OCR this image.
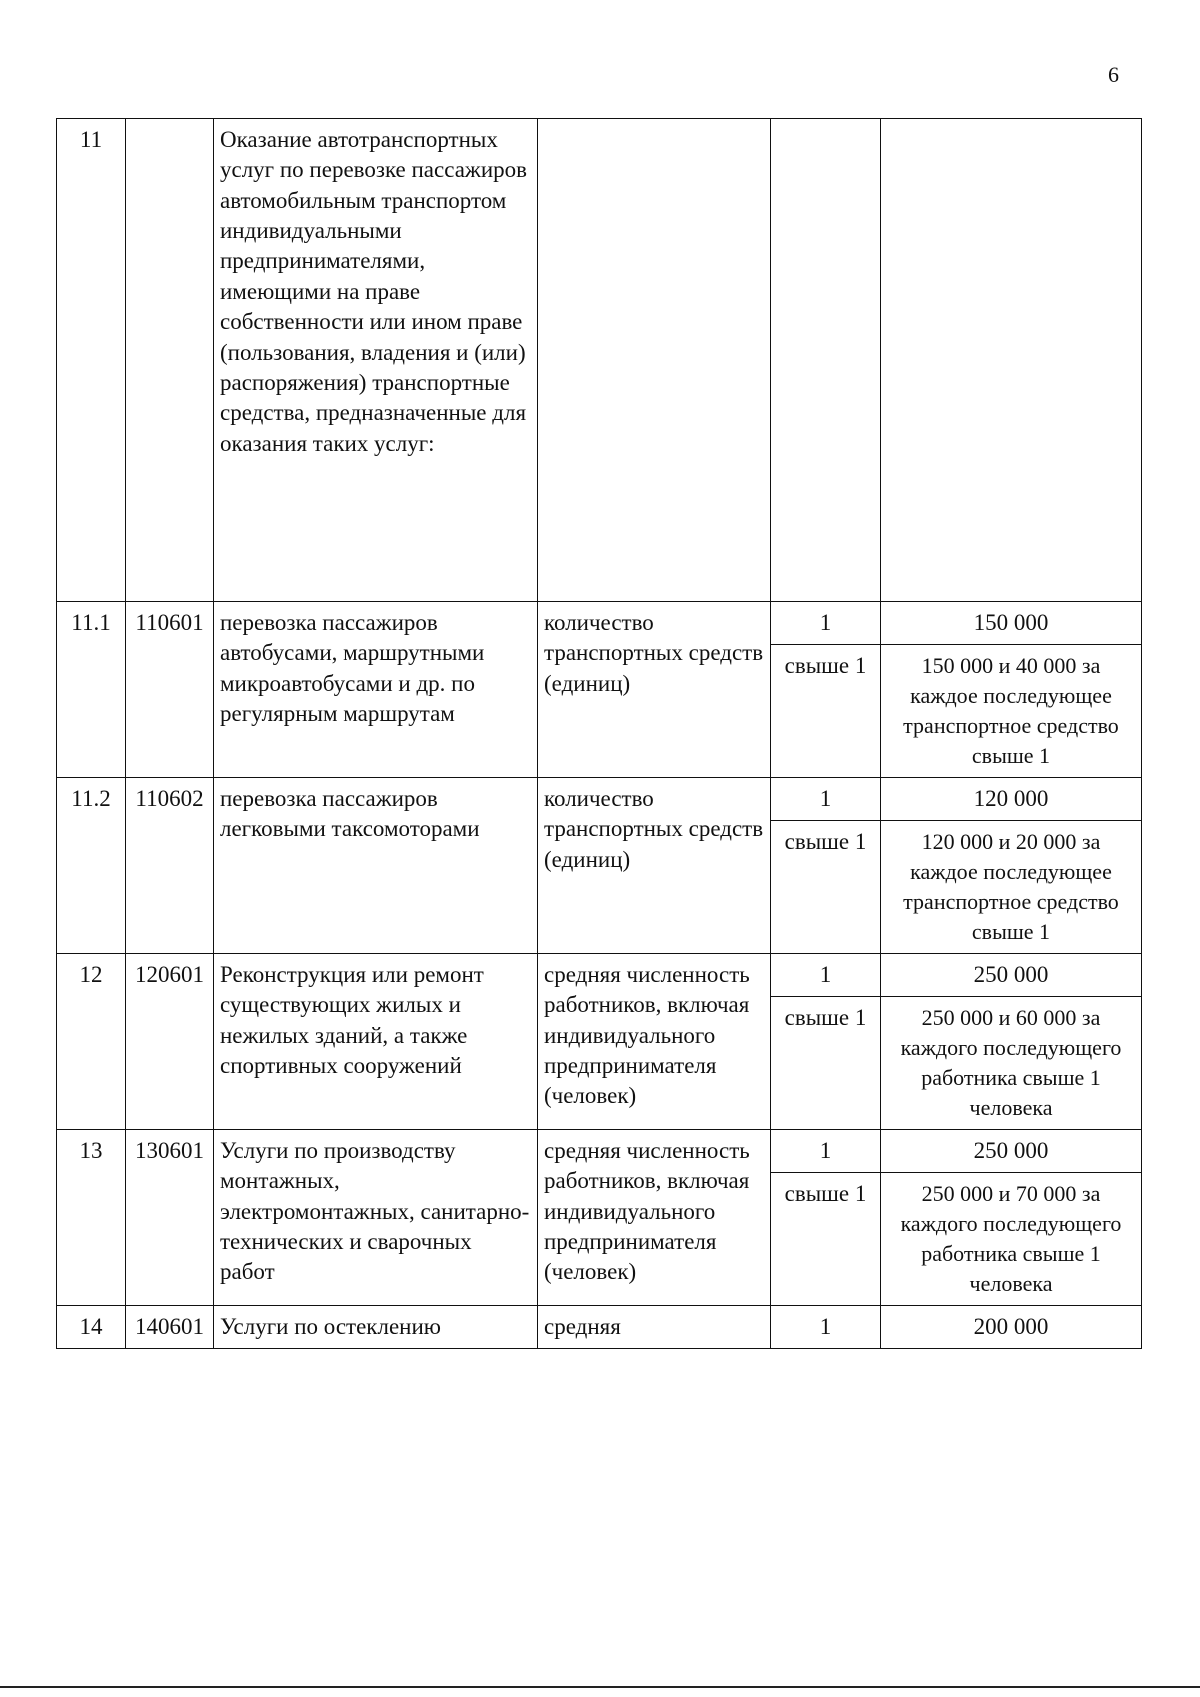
6
11		Оказание автотранспортных услуг по перевозке пассажиров автомобильным транспортом индивидуальными предпринимателями, имеющими на праве собственности или ином праве (пользования, владения и (или) распоряжения) транспортные средства, предназначенные для оказания таких услуг:			
11.1	110601	перевозка пассажиров автобусами, маршрутными микроавтобусами и др. по регулярным маршрутам	количество транспортных средств (единиц)	1	150 000
				свыше 1	150 000 и 40 000 за каждое последующее транспортное средство свыше 1
11.2	110602	перевозка пассажиров легковыми таксомоторами	количество транспортных средств (единиц)	1	120 000
				свыше 1	120 000 и 20 000 за каждое последующее транспортное средство свыше 1
12	120601	Реконструкция или ремонт существующих жилых и нежилых зданий, а также спортивных сооружений	средняя численность работников, включая индивидуального предпринимателя (человек)	1	250 000
				свыше 1	250 000 и 60 000 за каждого последующего работника свыше 1 человека
13	130601	Услуги по производству монтажных, электромонтажных, санитарно-технических и сварочных работ	средняя численность работников, включая индивидуального предпринимателя (человек)	1	250 000
				свыше 1	250 000 и 70 000 за каждого последующего работника свыше 1 человека
14	140601	Услуги по остеклению	средняя	1	200 000
